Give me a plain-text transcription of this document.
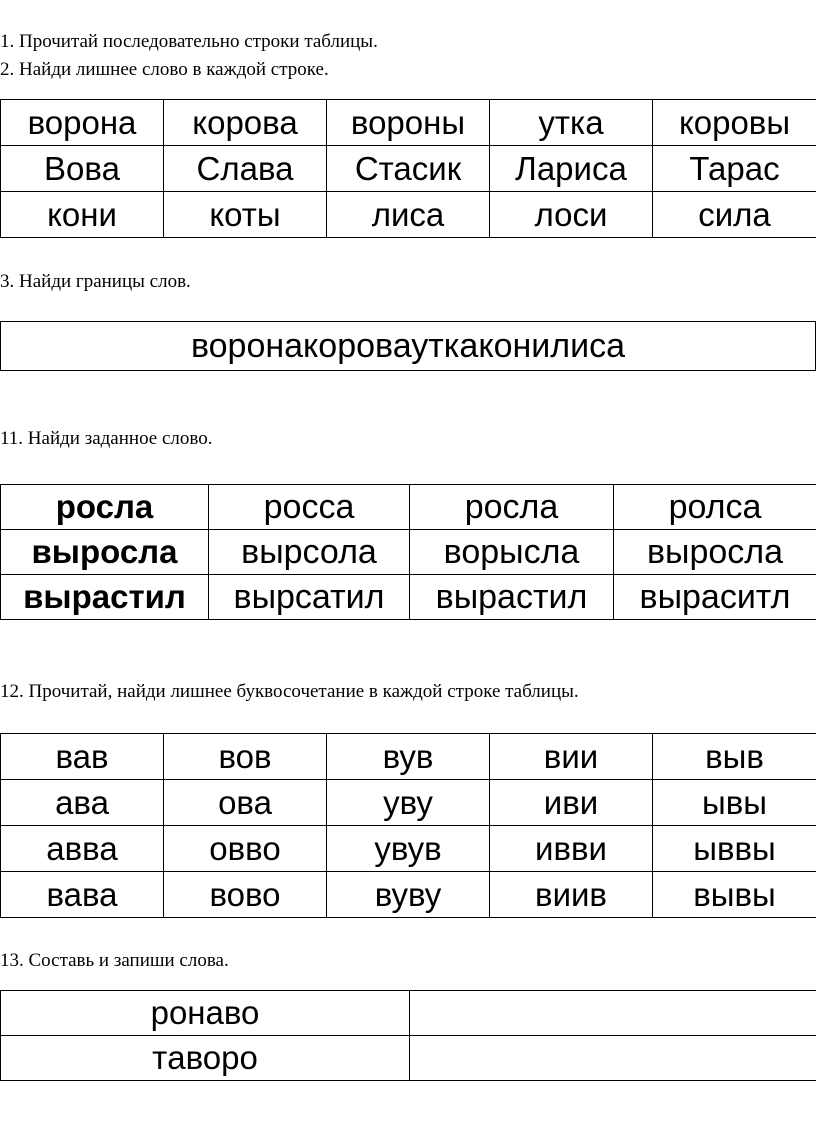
1. Прочитай последовательно строки таблицы.
2. Найди лишнее слово в каждой строке.
ворона	корова	вороны	утка	коровы
Вова	Слава	Стасик	Лариса	Тарас
кони	коты	лиса	лоси	сила
3. Найди границы слов.
воронакоровауткаконилиса
11. Найди заданное слово.
росла	росса	росла	ролса
выросла	вырсола	ворысла	выросла
вырастил	вырсатил	вырастил	выраситл
12. Прочитай, найди лишнее буквосочетание в каждой строке таблицы.
вав	вов	вув	вии	выв
ава	ова	уву	иви	ывы
авва	овво	увув	ивви	ыввы
вава	вово	вуву	виив	вывы
13. Составь и запиши слова.
ронаво	
тaворо	
